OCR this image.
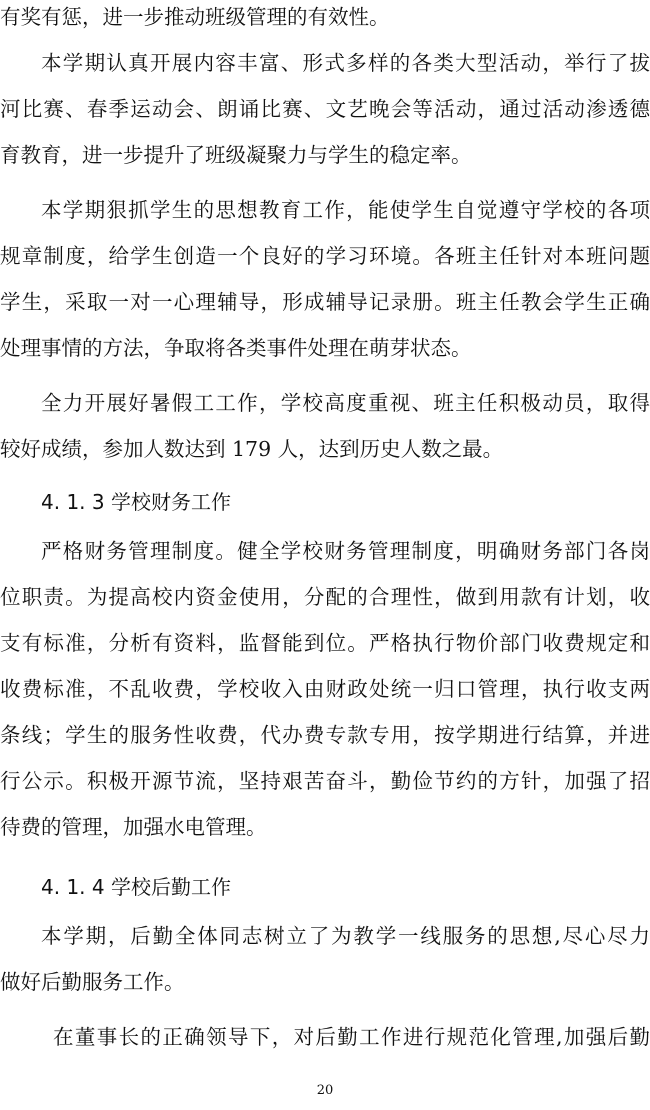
有奖有惩，进一步推动班级管理的有效性。
本学期认真开展内容丰富、形式多样的各类大型活动，举行了拔
河比赛、春季运动会、朗诵比赛、文艺晚会等活动，通过活动渗透德
育教育，进一步提升了班级凝聚力与学生的稳定率。
本学期狠抓学生的思想教育工作，能使学生自觉遵守学校的各项
规章制度，给学生创造一个良好的学习环境。各班主任针对本班问题
学生，采取一对一心理辅导，形成辅导记录册。班主任教会学生正确
处理事情的方法，争取将各类事件处理在萌芽状态。
全力开展好暑假工工作，学校高度重视、班主任积极动员，取得
较好成绩，参加人数达到 179 人，达到历史人数之最。
4. 1. 3 学校财务工作
严格财务管理制度。健全学校财务管理制度，明确财务部门各岗
位职责。为提高校内资金使用，分配的合理性，做到用款有计划，收
支有标准，分析有资料，监督能到位。严格执行物价部门收费规定和
收费标准，不乱收费，学校收入由财政处统一归口管理，执行收支两
条线；学生的服务性收费，代办费专款专用，按学期进行结算，并进
行公示。积极开源节流，坚持艰苦奋斗，勤俭节约的方针，加强了招
待费的管理，加强水电管理。
4. 1. 4 学校后勤工作
本学期，后勤全体同志树立了为教学一线服务的思想,尽心尽力
做好后勤服务工作。
在董事长的正确领导下，对后勤工作进行规范化管理,加强后勤
20
